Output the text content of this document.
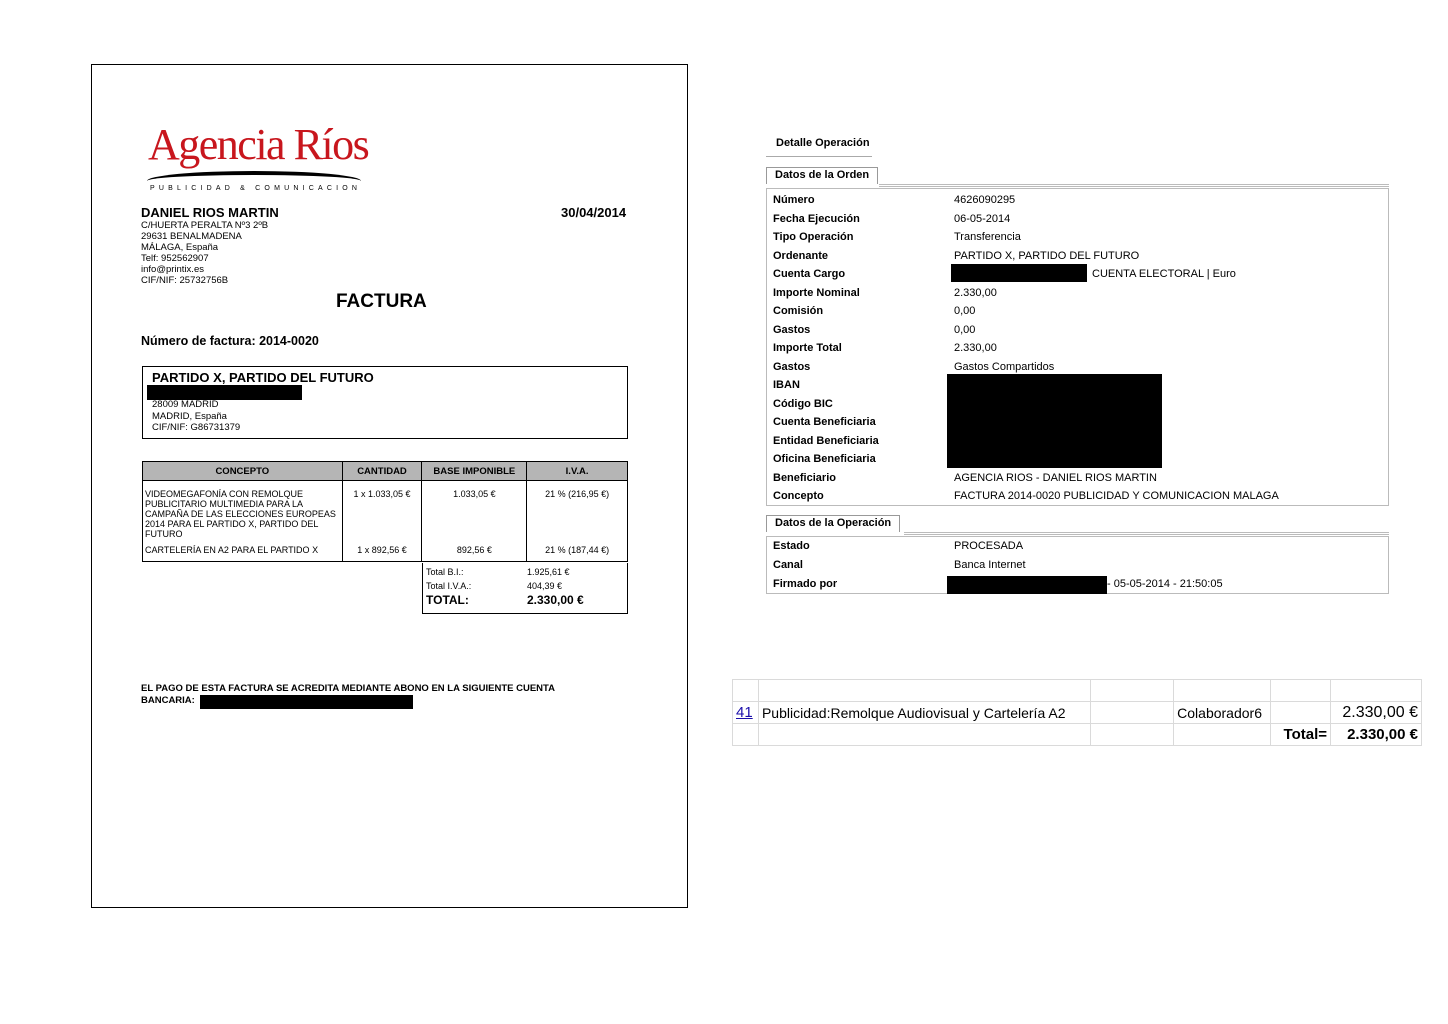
Agencia Ríos
PUBLICIDAD & COMUNICACION
DANIEL RIOS MARTIN	30/04/2014
C/HUERTA PERALTA Nº3 2ºB
29631 BENALMADENA
MÁLAGA, España
Telf: 952562907
info@printix.es
CIF/NIF: 25732756B
FACTURA
Número de factura: 2014-0020
PARTIDO X, PARTIDO DEL FUTURO
28009 MADRID
MADRID, España
CIF/NIF: G86731379
CONCEPTO	CANTIDAD	BASE IMPONIBLE	I.V.A.
VIDEOMEGAFONÍA CON REMOLQUE PUBLICITARIO MULTIMEDIA PARA LA CAMPAÑA DE LAS ELECCIONES EUROPEAS 2014 PARA EL PARTIDO X, PARTIDO DEL FUTURO	1 x 1.033,05 €	1.033,05 €	21 % (216,95 €)
CARTELERÍA EN A2 PARA EL PARTIDO X	1 x 892,56 €	892,56 €	21 % (187,44 €)
Total B.I.:	1.925,61 €
Total I.V.A.:	404,39 €
TOTAL:	2.330,00 €
EL PAGO DE ESTA FACTURA SE ACREDITA MEDIANTE ABONO EN LA SIGUIENTE CUENTA BANCARIA:
Detalle Operación
Datos de la Orden
Número	4626090295
Fecha Ejecución	06-05-2014
Tipo Operación	Transferencia
Ordenante	PARTIDO X, PARTIDO DEL FUTURO
Cuenta Cargo	CUENTA ELECTORAL | Euro
Importe Nominal	2.330,00
Comisión	0,00
Gastos	0,00
Importe Total	2.330,00
Gastos	Gastos Compartidos
IBAN
Código BIC
Cuenta Beneficiaria
Entidad Beneficiaria
Oficina Beneficiaria
Beneficiario	AGENCIA RIOS - DANIEL RIOS MARTIN
Concepto	FACTURA 2014-0020 PUBLICIDAD Y COMUNICACION MALAGA
Datos de la Operación
Estado	PROCESADA
Canal	Banca Internet
Firmado por	- 05-05-2014 - 21:50:05

41	Publicidad:Remolque Audiovisual y Cartelería A2		Colaborador6		2.330,00 €
				Total=	2.330,00 €
